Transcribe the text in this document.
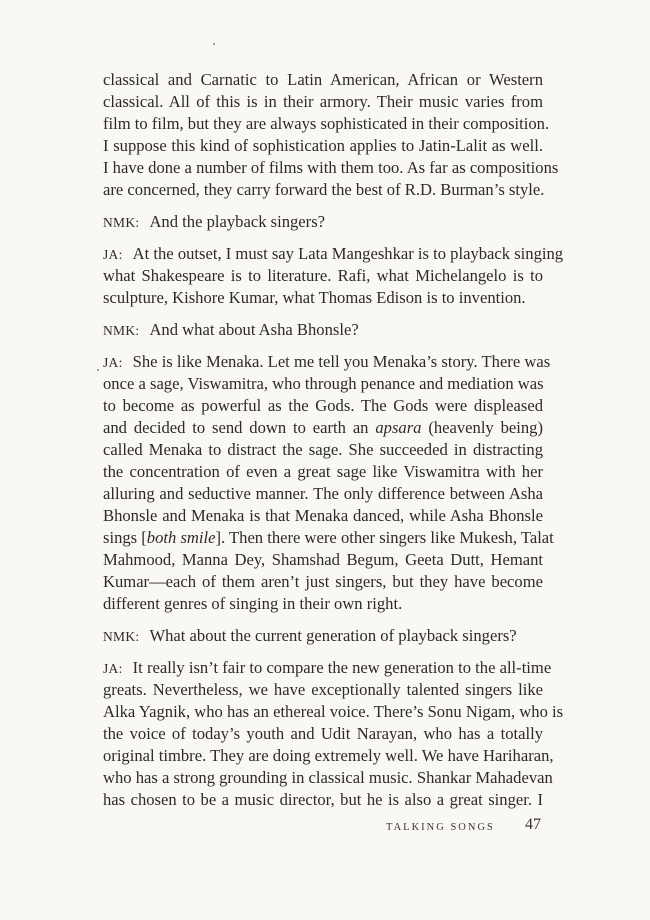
classical and Carnatic to Latin American, African or Western
classical. All of this is in their armory. Their music varies from
film to film, but they are always sophisticated in their composition.
I suppose this kind of sophistication applies to Jatin-Lalit as well.
I have done a number of films with them too. As far as compositions
are concerned, they carry forward the best of R.D. Burman’s style.
NMK: And the playback singers?
JA: At the outset, I must say Lata Mangeshkar is to playback singing
what Shakespeare is to literature. Rafi, what Michelangelo is to
sculpture, Kishore Kumar, what Thomas Edison is to invention.
NMK: And what about Asha Bhonsle?
JA: She is like Menaka. Let me tell you Menaka’s story. There was
once a sage, Viswamitra, who through penance and mediation was
to become as powerful as the Gods. The Gods were displeased
and decided to send down to earth an apsara (heavenly being)
called Menaka to distract the sage. She succeeded in distracting
the concentration of even a great sage like Viswamitra with her
alluring and seductive manner. The only difference between Asha
Bhonsle and Menaka is that Menaka danced, while Asha Bhonsle
sings [both smile]. Then there were other singers like Mukesh, Talat
Mahmood, Manna Dey, Shamshad Begum, Geeta Dutt, Hemant
Kumar—each of them aren’t just singers, but they have become
different genres of singing in their own right.
NMK: What about the current generation of playback singers?
JA: It really isn’t fair to compare the new generation to the all-time
greats. Nevertheless, we have exceptionally talented singers like
Alka Yagnik, who has an ethereal voice. There’s Sonu Nigam, who is
the voice of today’s youth and Udit Narayan, who has a totally
original timbre. They are doing extremely well. We have Hariharan,
who has a strong grounding in classical music. Shankar Mahadevan
has chosen to be a music director, but he is also a great singer. I
TALKING SONGS 47
